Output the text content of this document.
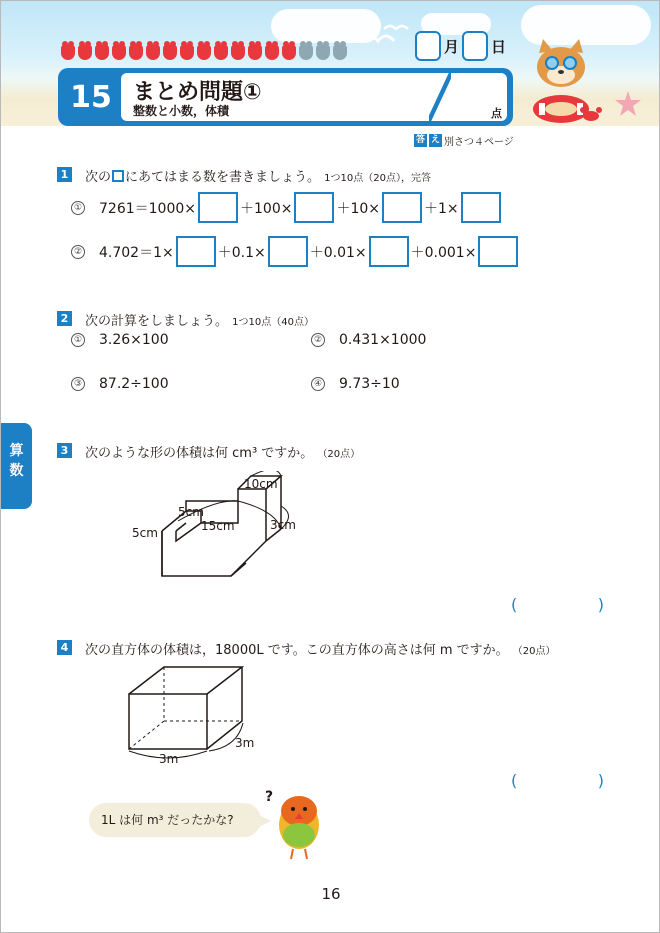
月 日
15 まとめ問題①
整数と小数，体積	点
答 え 別さつ４ページ
算数
1 次の にあてはまる数を書きましょう。 1つ10点（20点），完答
① 7261＝1000×	＋100×	＋10×	＋1×
② 4.702＝1×	＋0.1×	＋0.01×	＋0.001×
2 次の計算をしましょう。 1つ10点（40点）
① 3.26×100	② 0.431×1000
③ 87.2÷100	④ 9.73÷10
3 次のような形の体積は何 cm³ ですか。 （20点）
10cm
5cm
15cm	3cm
5cm
(	)
4 次の直方体の体積は，18000L です。この直方体の高さは何 m ですか。 （20点）
3m
3m
(	)
1L は何 m³ だったかな?
?
16
